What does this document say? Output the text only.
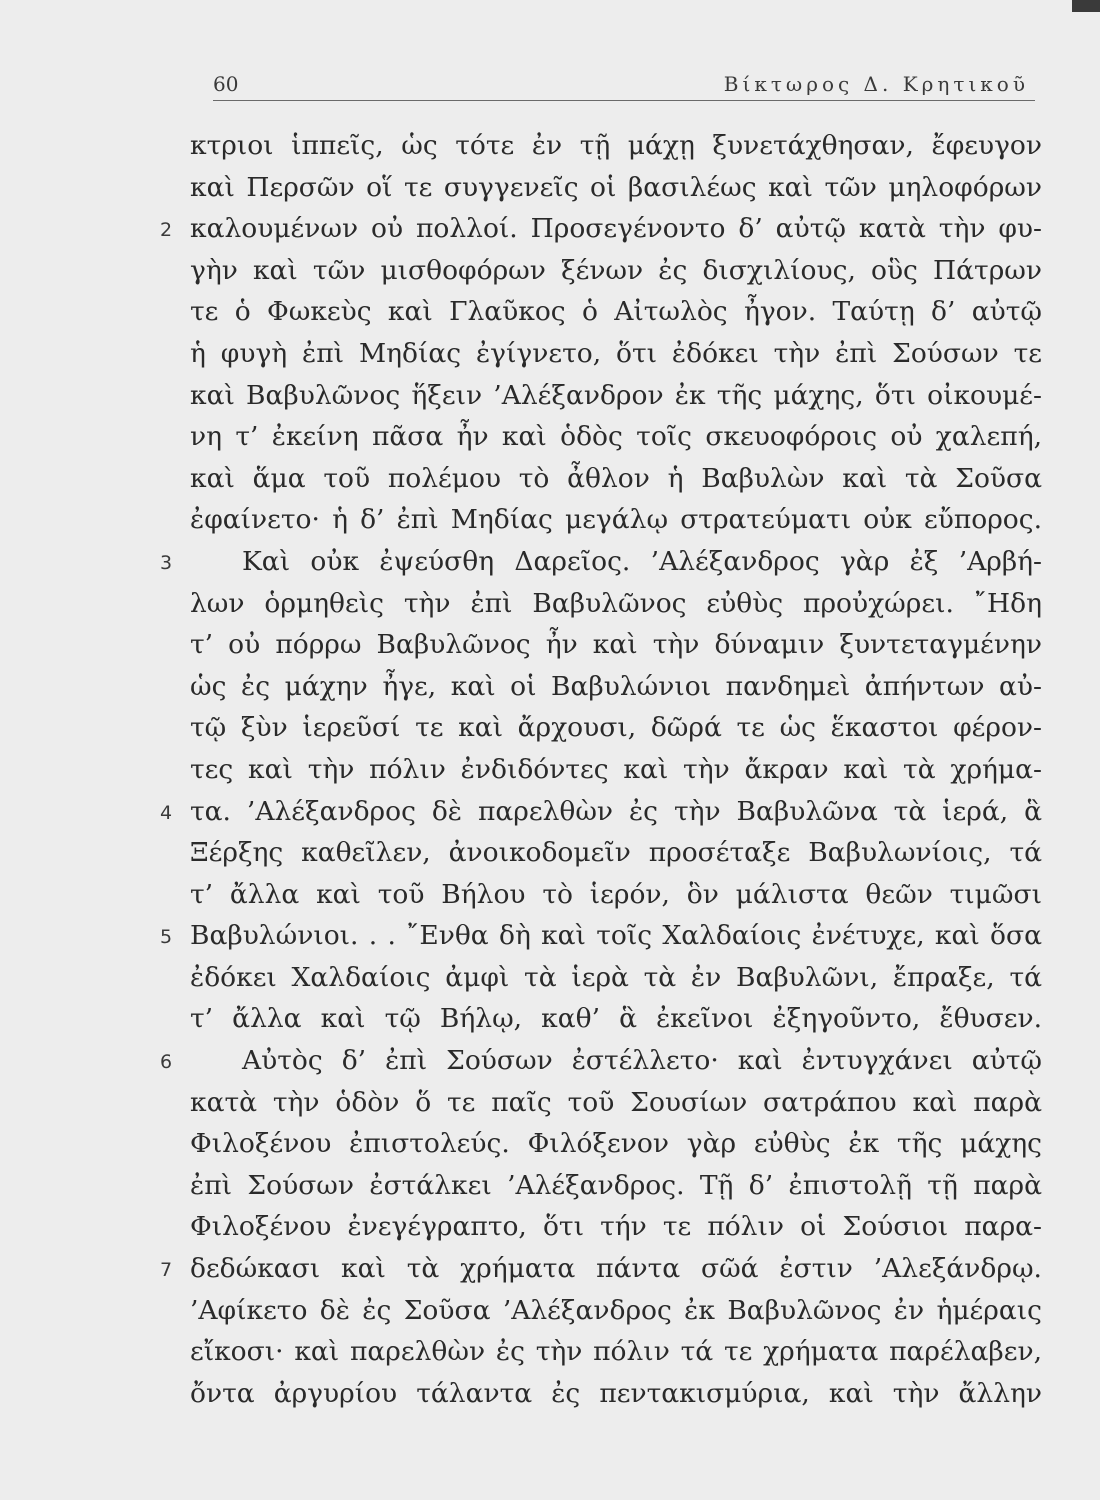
60	Βίκτωρος Δ. Κρητικοῦ
κτριοι ἱππεῖς, ὡς τότε ἐν τῇ μάχῃ ξυνετάχθησαν, ἔφευγον
καὶ Περσῶν οἵ τε συγγενεῖς οἱ βασιλέως καὶ τῶν μηλοφόρων
2 καλουμένων οὐ πολλοί. Προσεγένοντο δ’ αὐτῷ κατὰ τὴν φυ-
γὴν καὶ τῶν μισθοφόρων ξένων ἐς δισχιλίους, οὓς Πάτρων
τε ὁ Φωκεὺς καὶ Γλαῦκος ὁ Αἰτωλὸς ἦγον. Ταύτῃ δ’ αὐτῷ
ἡ φυγὴ ἐπὶ Μηδίας ἐγίγνετο, ὅτι ἐδόκει τὴν ἐπὶ Σούσων τε
καὶ Βαβυλῶνος ἥξειν ’Αλέξανδρον ἐκ τῆς μάχης, ὅτι οἰκουμέ-
νη τ’ ἐκείνη πᾶσα ἦν καὶ ὁδὸς τοῖς σκευοφόροις οὐ χαλεπή,
καὶ ἅμα τοῦ πολέμου τὸ ἆθλον ἡ Βαβυλὼν καὶ τὰ Σοῦσα
ἐφαίνετο· ἡ δ’ ἐπὶ Μηδίας μεγάλῳ στρατεύματι οὐκ εὔπορος.
3	Καὶ οὐκ ἐψεύσθη Δαρεῖος. ’Αλέξανδρος γὰρ ἐξ ’Αρβή-
λων ὁρμηθεὶς τὴν ἐπὶ Βαβυλῶνος εὐθὺς προὐχώρει. ῎Ηδη
τ’ οὐ πόρρω Βαβυλῶνος ἦν καὶ τὴν δύναμιν ξυντεταγμένην
ὡς ἐς μάχην ἦγε, καὶ οἱ Βαβυλώνιοι πανδημεὶ ἀπήντων αὐ-
τῷ ξὺν ἱερεῦσί τε καὶ ἄρχουσι, δῶρά τε ὡς ἕκαστοι φέρον-
τες καὶ τὴν πόλιν ἐνδιδόντες καὶ τὴν ἄκραν καὶ τὰ χρήμα-
4 τα. ’Αλέξανδρος δὲ παρελθὼν ἐς τὴν Βαβυλῶνα τὰ ἱερά, ἃ
Ξέρξης καθεῖλεν, ἀνοικοδομεῖν προσέταξε Βαβυλωνίοις, τά
τ’ ἄλλα καὶ τοῦ Βήλου τὸ ἱερόν, ὃν μάλιστα θεῶν τιμῶσι
5 Βαβυλώνιοι. . . ῎Ενθα δὴ καὶ τοῖς Χαλδαίοις ἐνέτυχε, καὶ ὅσα
ἐδόκει Χαλδαίοις ἀμφὶ τὰ ἱερὰ τὰ ἐν Βαβυλῶνι, ἔπραξε, τά
τ’ ἄλλα καὶ τῷ Βήλῳ, καθ’ ἃ ἐκεῖνοι ἐξηγοῦντο, ἔθυσεν.
6	Αὐτὸς δ’ ἐπὶ Σούσων ἐστέλλετο· καὶ ἐντυγχάνει αὐτῷ
κατὰ τὴν ὁδὸν ὅ τε παῖς τοῦ Σουσίων σατράπου καὶ παρὰ
Φιλοξένου ἐπιστολεύς. Φιλόξενον γὰρ εὐθὺς ἐκ τῆς μάχης
ἐπὶ Σούσων ἐστάλκει ’Αλέξανδρος. Τῇ δ’ ἐπιστολῇ τῇ παρὰ
Φιλοξένου ἐνεγέγραπτο, ὅτι τήν τε πόλιν οἱ Σούσιοι παρα-
7 δεδώκασι καὶ τὰ χρήματα πάντα σῶά ἐστιν ’Αλεξάνδρῳ.
’Αφίκετο δὲ ἐς Σοῦσα ’Αλέξανδρος ἐκ Βαβυλῶνος ἐν ἡμέραις
εἴκοσι· καὶ παρελθὼν ἐς τὴν πόλιν τά τε χρήματα παρέλαβεν,
ὄντα ἀργυρίου τάλαντα ἐς πεντακισμύρια, καὶ τὴν ἄλλην
